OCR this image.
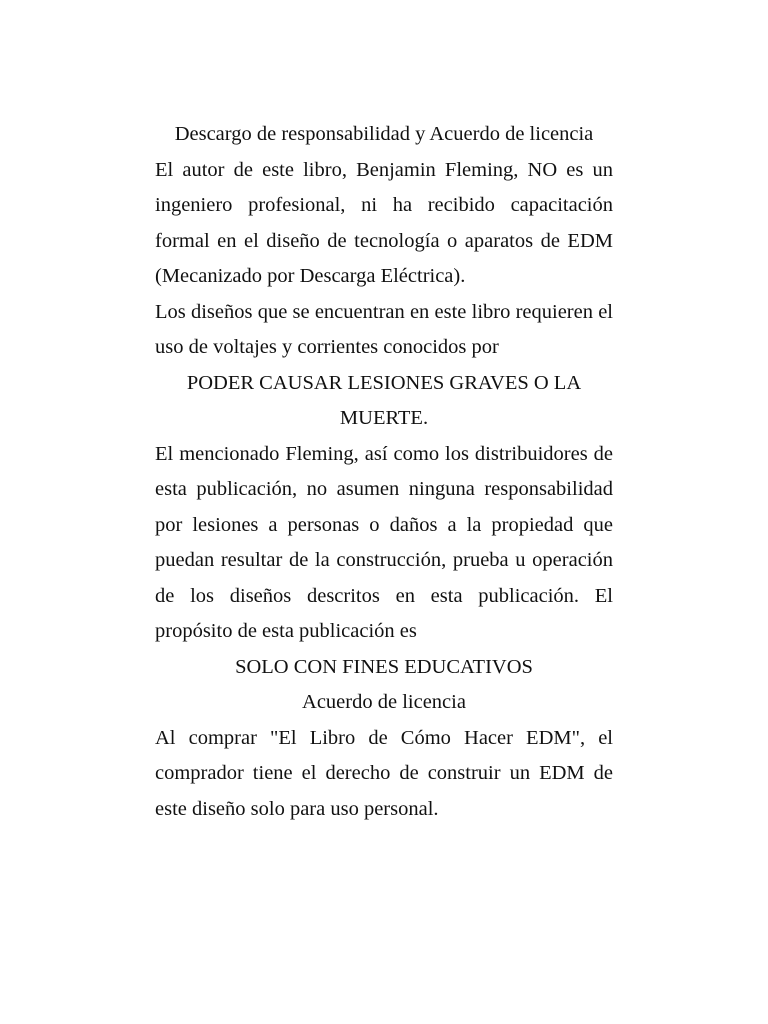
Descargo de responsabilidad y Acuerdo de licencia

El autor de este libro, Benjamin Fleming, NO es un ingeniero profesional, ni ha recibido capacitación formal en el diseño de tecnología o aparatos de EDM (Mecanizado por Descarga Eléctrica).

Los diseños que se encuentran en este libro requieren el uso de voltajes y corrientes conocidos por

PODER CAUSAR LESIONES GRAVES O LA MUERTE.

El mencionado Fleming, así como los distribuidores de esta publicación, no asumen ninguna responsabilidad por lesiones a personas o daños a la propiedad que puedan resultar de la construcción, prueba u operación de los diseños descritos en esta publicación. El propósito de esta publicación es

SOLO CON FINES EDUCATIVOS

Acuerdo de licencia

Al comprar "El Libro de Cómo Hacer EDM", el comprador tiene el derecho de construir un EDM de este diseño solo para uso personal.
